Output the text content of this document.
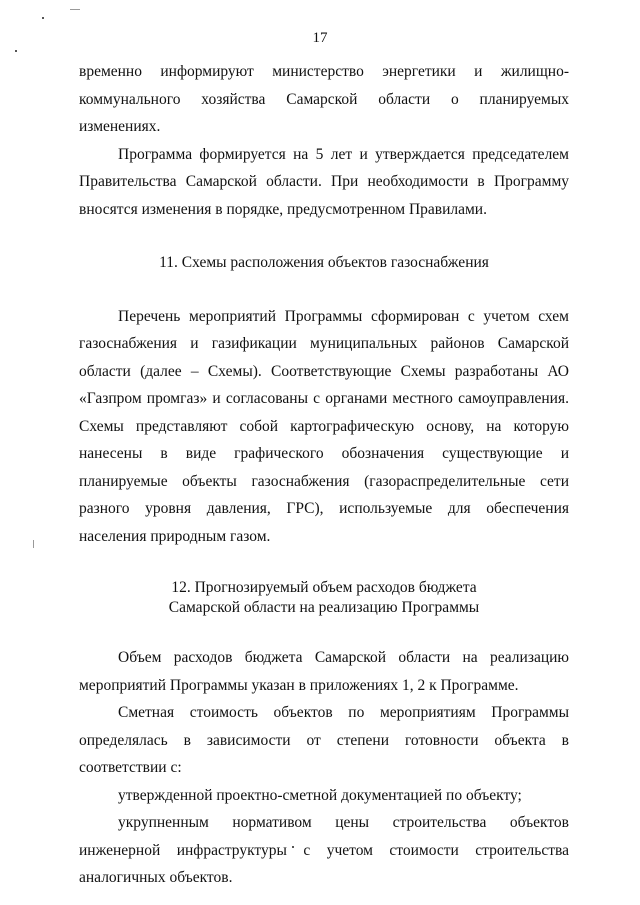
17

временно информируют министерство энергетики и жилищно-коммунального хозяйства Самарской области о планируемых изменениях.

Программа формируется на 5 лет и утверждается председателем Правительства Самарской области. При необходимости в Программу вносятся изменения в порядке, предусмотренном Правилами.

11. Схемы расположения объектов газоснабжения

Перечень мероприятий Программы сформирован с учетом схем газоснабжения и газификации муниципальных районов Самарской области (далее – Схемы). Соответствующие Схемы разработаны АО «Газпром промгаз» и согласованы с органами местного самоуправления. Схемы представляют собой картографическую основу, на которую нанесены в виде графического обозначения существующие и планируемые объекты газоснабжения (газораспределительные сети разного уровня давления, ГРС), используемые для обеспечения населения природным газом.

12. Прогнозируемый объем расходов бюджета
Самарской области на реализацию Программы

Объем расходов бюджета Самарской области на реализацию мероприятий Программы указан в приложениях 1, 2 к Программе.

Сметная стоимость объектов по мероприятиям Программы определялась в зависимости от степени готовности объекта в соответствии с:

утвержденной проектно-сметной документацией по объекту;

укрупненным нормативом цены строительства объектов инженерной инфраструктуры с учетом стоимости строительства аналогичных объектов.
